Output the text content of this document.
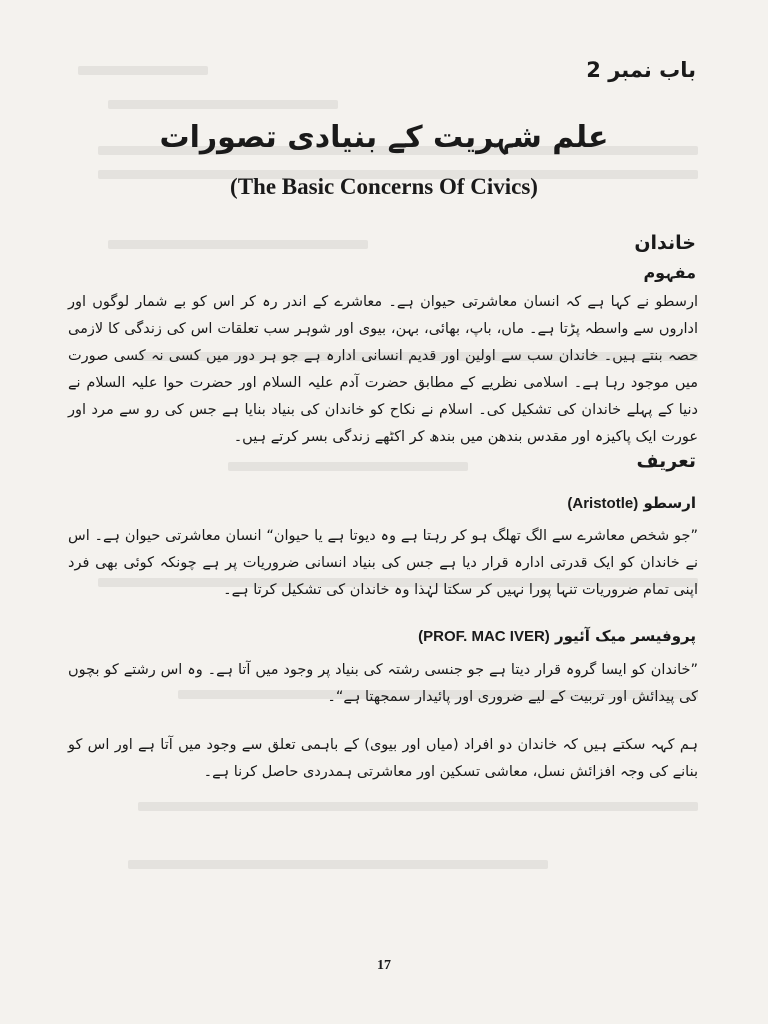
باب نمبر 2
علم شہریت کے بنیادی تصورات
(The Basic Concerns Of Civics)
خاندان
مفہوم
ارسطو نے کہا ہے کہ انسان معاشرتی حیوان ہے۔ معاشرے کے اندر رہ کر اس کو بے شمار لوگوں اور اداروں سے واسطہ پڑتا ہے۔ ماں، باپ، بھائی، بہن، بیوی اور شوہر سب تعلقات اس کی زندگی کا لازمی حصہ بنتے ہیں۔ خاندان سب سے اولین اور قدیم انسانی ادارہ ہے جو ہر دور میں کسی نہ کسی صورت میں موجود رہا ہے۔ اسلامی نظریے کے مطابق حضرت آدم علیہ السلام اور حضرت حوا علیہ السلام نے دنیا کے پہلے خاندان کی تشکیل کی۔ اسلام نے نکاح کو خاندان کی بنیاد بنایا ہے جس کی رو سے مرد اور عورت ایک پاکیزہ اور مقدس بندھن میں بندھ کر اکٹھے زندگی بسر کرتے ہیں۔
تعریف
ارسطو (Aristotle)
”جو شخص معاشرے سے الگ تھلگ ہو کر رہتا ہے وہ دیوتا ہے یا حیوان“ انسان معاشرتی حیوان ہے۔ اس نے خاندان کو ایک قدرتی ادارہ قرار دیا ہے جس کی بنیاد انسانی ضروریات پر ہے چونکہ کوئی بھی فرد اپنی تمام ضروریات تنہا پورا نہیں کر سکتا لہٰذا وہ خاندان کی تشکیل کرتا ہے۔
پروفیسر میک آئیور (PROF. MAC IVER)
”خاندان کو ایسا گروہ قرار دیتا ہے جو جنسی رشتہ کی بنیاد پر وجود میں آتا ہے۔ وہ اس رشتے کو بچوں کی پیدائش اور تربیت کے لیے ضروری اور پائیدار سمجھتا ہے“۔
ہم کہہ سکتے ہیں کہ خاندان دو افراد (میاں اور بیوی) کے باہمی تعلق سے وجود میں آتا ہے اور اس کو بنانے کی وجہ افزائش نسل، معاشی تسکین اور معاشرتی ہمدردی حاصل کرنا ہے۔
17
